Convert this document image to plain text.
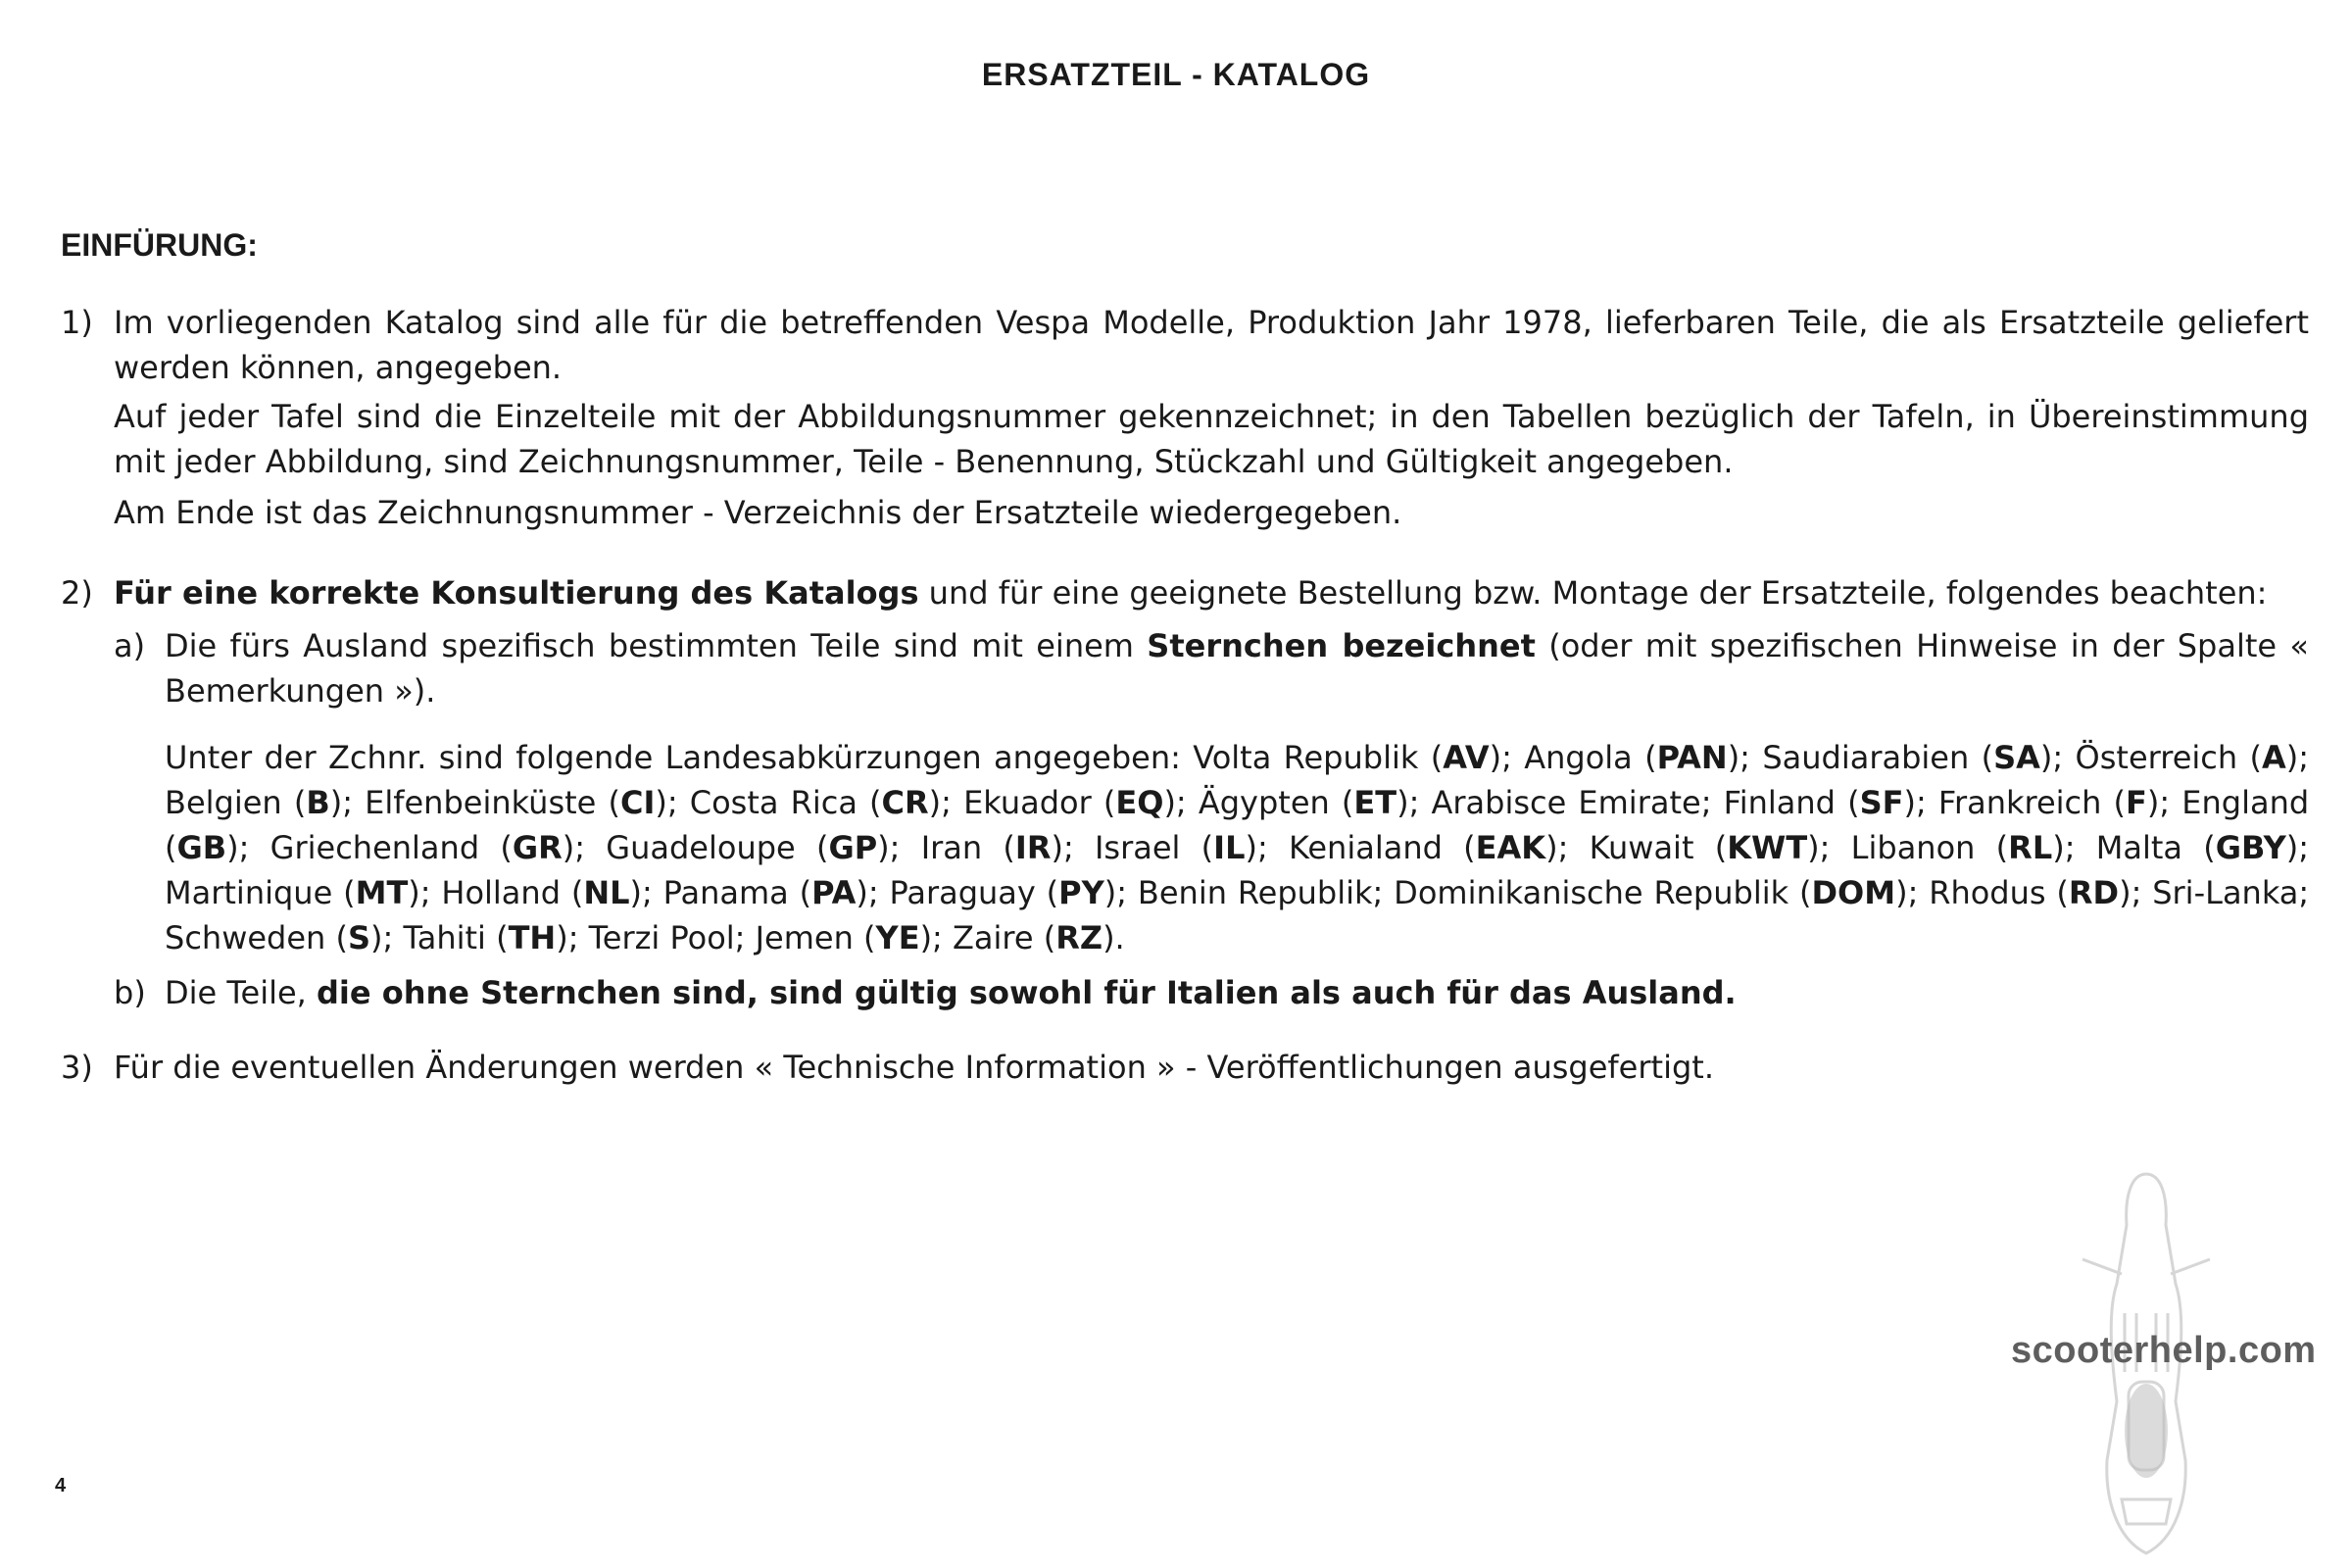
ERSATZTEIL - KATALOG
EINFÜRUNG:
1) Im vorliegenden Katalog sind alle für die betreffenden Vespa Modelle, Produktion Jahr 1978, lieferbaren Teile, die als Ersatzteile geliefert werden können, angegeben.
Auf jeder Tafel sind die Einzelteile mit der Abbildungsnummer gekennzeichnet; in den Tabellen bezüglich der Tafeln, in Übereinstimmung mit jeder Abbildung, sind Zeichnungsnummer, Teile - Benennung, Stückzahl und Gültigkeit angegeben.
Am Ende ist das Zeichnungsnummer - Verzeichnis der Ersatzteile wiedergegeben.
2) Für eine korrekte Konsultierung des Katalogs und für eine geeignete Bestellung bzw. Montage der Ersatzteile, folgendes beachten:
a) Die fürs Ausland spezifisch bestimmten Teile sind mit einem Sternchen bezeichnet (oder mit spezifischen Hinweise in der Spalte « Bemerkungen »).
Unter der Zchnr. sind folgende Landesabkürzungen angegeben: Volta Republik (AV); Angola (PAN); Saudiarabien (SA); Österreich (A); Belgien (B); Elfenbeinküste (CI); Costa Rica (CR); Ekuador (EQ); Ägypten (ET); Arabisce Emirate; Finland (SF); Frankreich (F); England (GB); Griechenland (GR); Guadeloupe (GP); Iran (IR); Israel (IL); Kenialand (EAK); Kuwait (KWT); Libanon (RL); Malta (GBY); Martinique (MT); Holland (NL); Panama (PA); Paraguay (PY); Benin Republik; Dominikanische Republik (DOM); Rhodus (RD); Sri-Lanka; Schweden (S); Tahiti (TH); Terzi Pool; Jemen (YE); Zaire (RZ).
b) Die Teile, die ohne Sternchen sind, sind gültig sowohl für Italien als auch für das Ausland.
3) Für die eventuellen Änderungen werden « Technische Information » - Veröffentlichungen ausgefertigt.
4
scooterhelp.com
